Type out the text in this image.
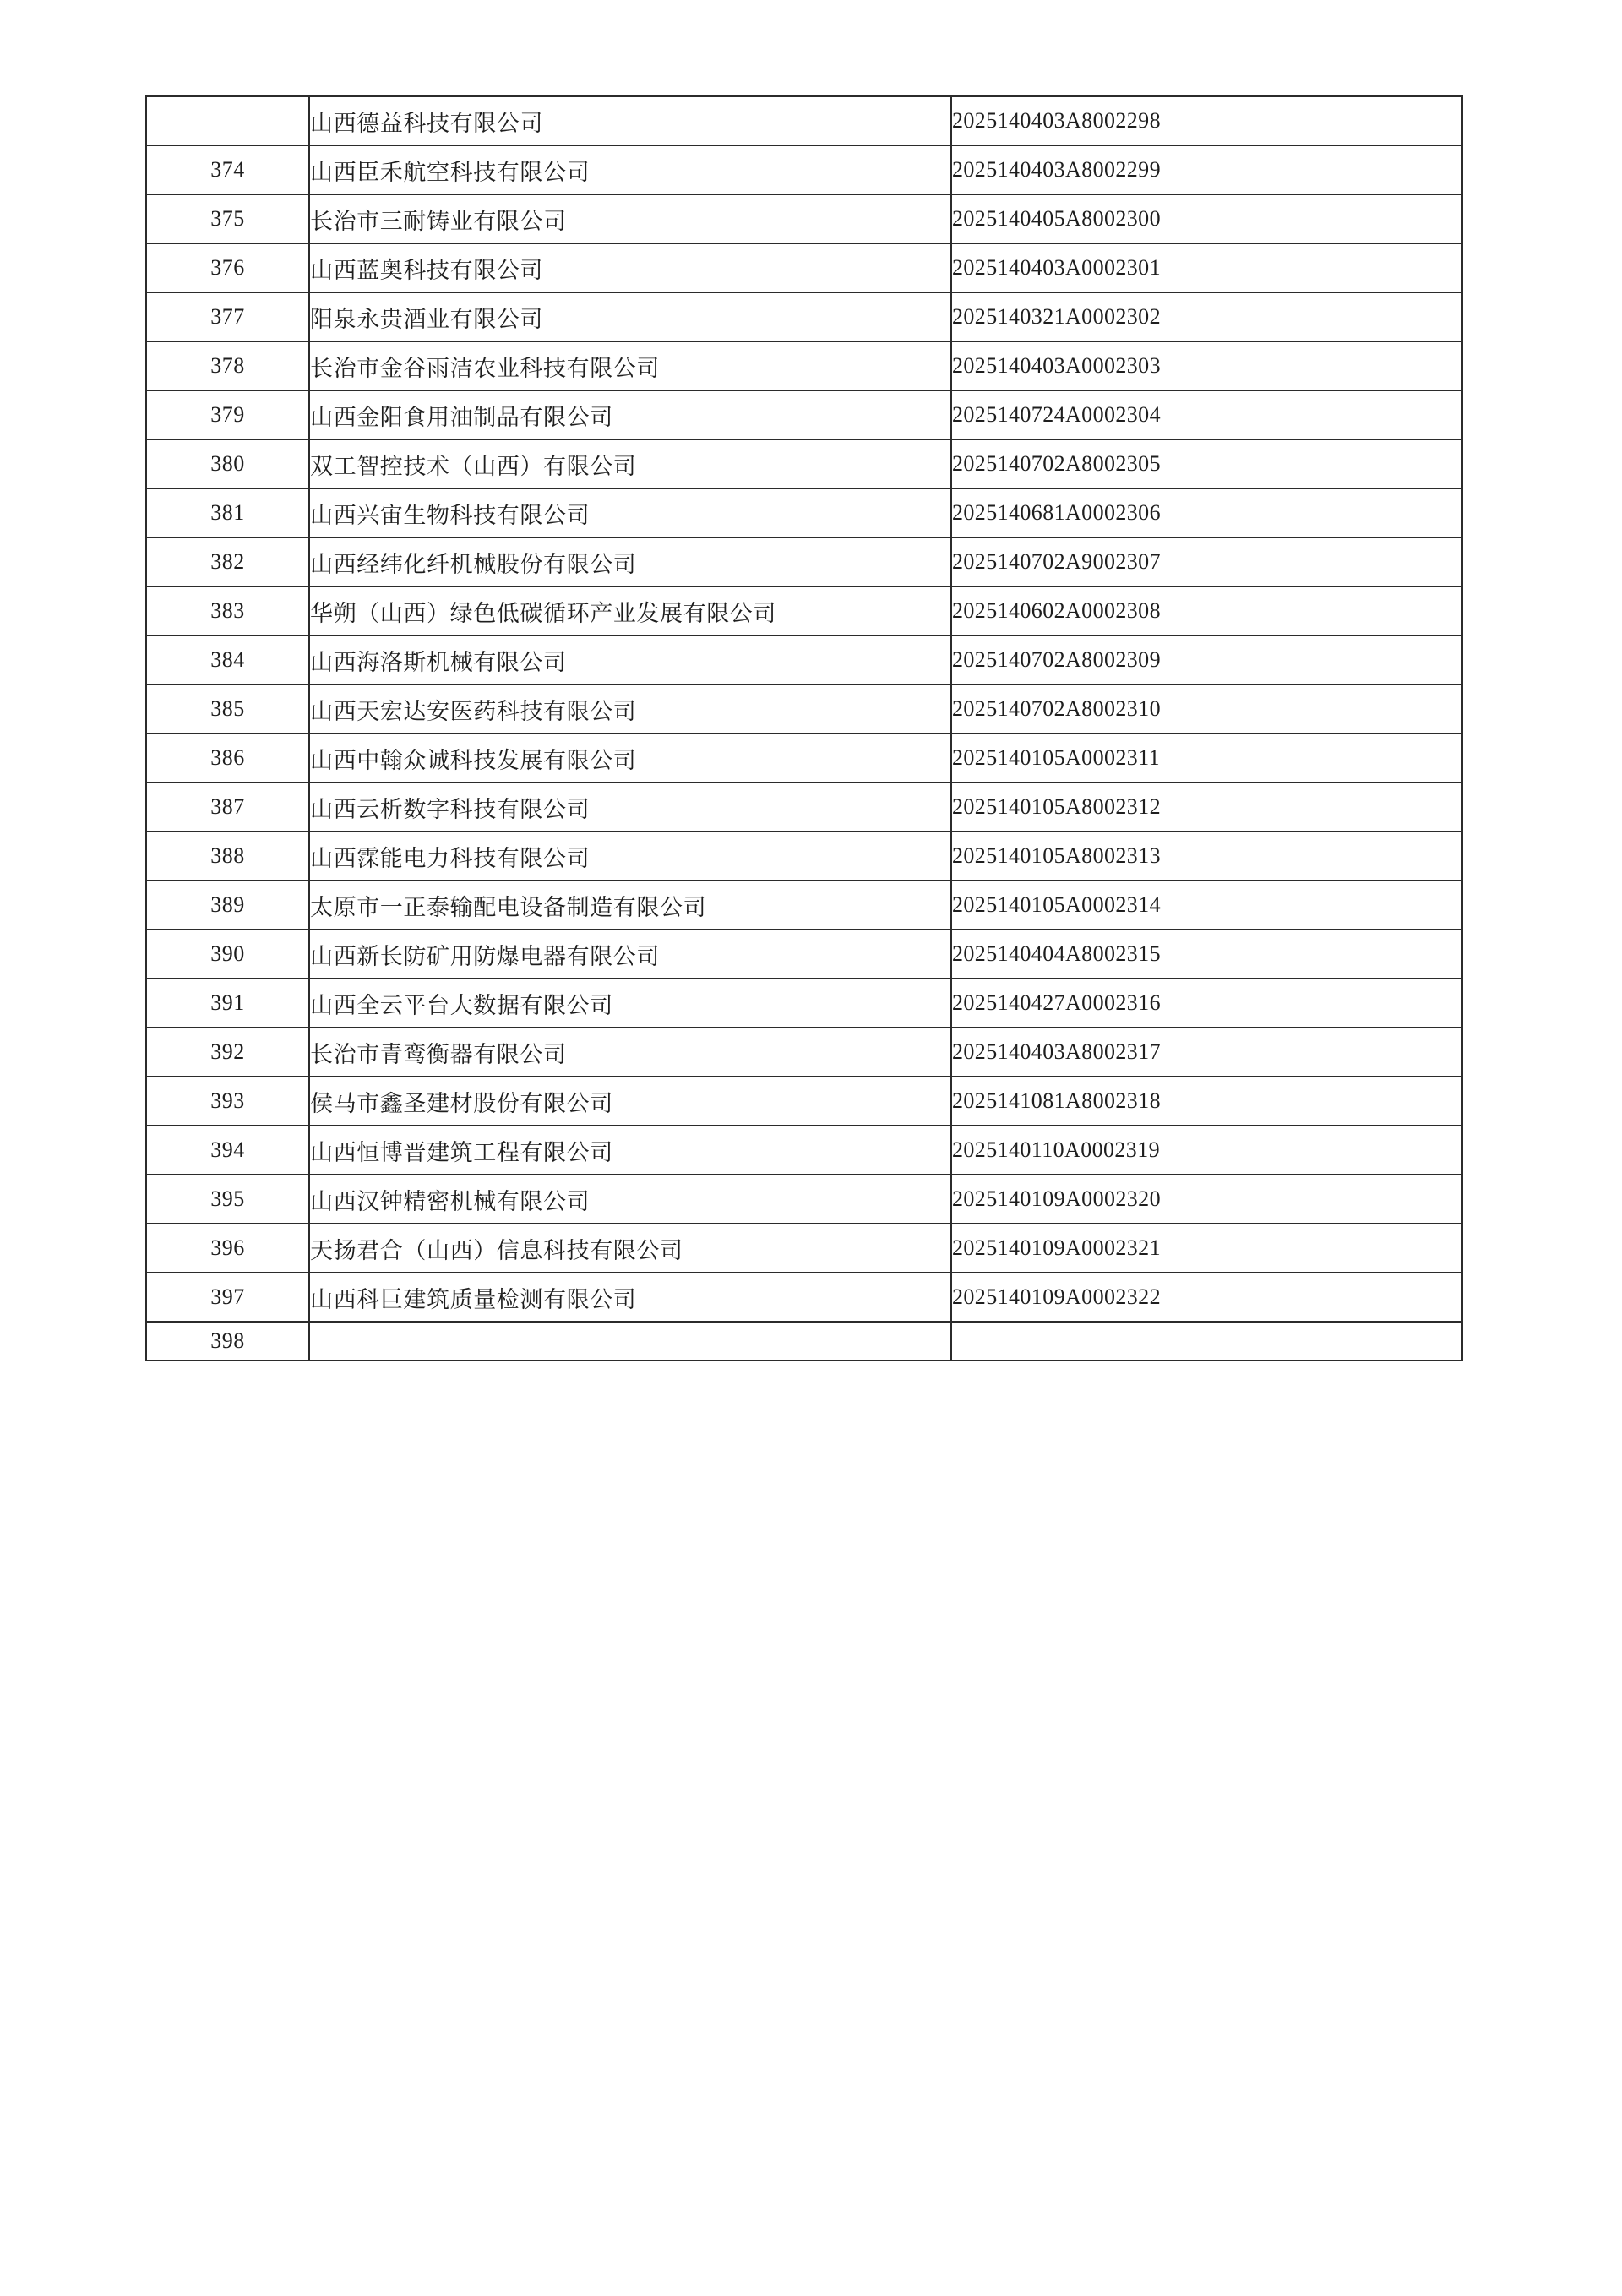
	山西德益科技有限公司	2025140403A8002298
374	山西臣禾航空科技有限公司	2025140403A8002299
375	长治市三耐铸业有限公司	2025140405A8002300
376	山西蓝奥科技有限公司	2025140403A0002301
377	阳泉永贵酒业有限公司	2025140321A0002302
378	长治市金谷雨洁农业科技有限公司	2025140403A0002303
379	山西金阳食用油制品有限公司	2025140724A0002304
380	双工智控技术（山西）有限公司	2025140702A8002305
381	山西兴宙生物科技有限公司	2025140681A0002306
382	山西经纬化纤机械股份有限公司	2025140702A9002307
383	华朔（山西）绿色低碳循环产业发展有限公司	2025140602A0002308
384	山西海洛斯机械有限公司	2025140702A8002309
385	山西天宏达安医药科技有限公司	2025140702A8002310
386	山西中翰众诚科技发展有限公司	2025140105A0002311
387	山西云析数字科技有限公司	2025140105A8002312
388	山西霂能电力科技有限公司	2025140105A8002313
389	太原市一正泰输配电设备制造有限公司	2025140105A0002314
390	山西新长防矿用防爆电器有限公司	2025140404A8002315
391	山西全云平台大数据有限公司	2025140427A0002316
392	长治市青鸾衡器有限公司	2025140403A8002317
393	侯马市鑫圣建材股份有限公司	2025141081A8002318
394	山西恒博晋建筑工程有限公司	2025140110A0002319
395	山西汉钟精密机械有限公司	2025140109A0002320
396	天扬君合（山西）信息科技有限公司	2025140109A0002321
397	山西科巨建筑质量检测有限公司	2025140109A0002322
398		
